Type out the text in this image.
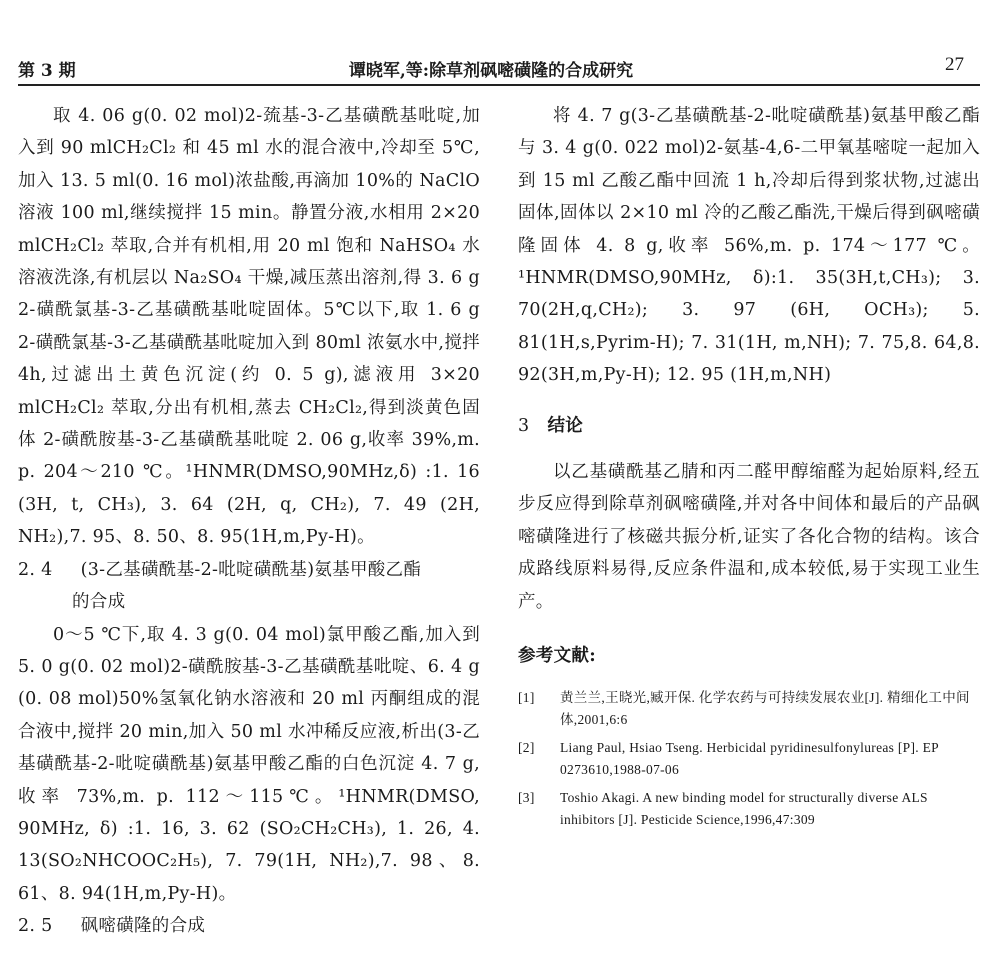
第 3 期	谭晓军,等:除草剂砜嘧磺隆的合成研究	27

取 4. 06 g(0. 02 mol)2-巯基-3-乙基磺酰基吡啶,加入到 90 mlCH₂Cl₂ 和 45 ml 水的混合液中,冷却至 5℃,加入 13. 5 ml(0. 16 mol)浓盐酸,再滴加 10%的 NaClO 溶液 100 ml,继续搅拌 15 min。静置分液,水相用 2×20 mlCH₂Cl₂ 萃取,合并有机相,用 20 ml 饱和 NaHSO₄ 水溶液洗涤,有机层以 Na₂SO₄ 干燥,减压蒸出溶剂,得 3. 6 g 2-磺酰氯基-3-乙基磺酰基吡啶固体。5℃以下,取 1. 6 g 2-磺酰氯基-3-乙基磺酰基吡啶加入到 80ml 浓氨水中,搅拌 4h,过滤出土黄色沉淀(约 0. 5 g),滤液用 3×20 mlCH₂Cl₂ 萃取,分出有机相,蒸去 CH₂Cl₂,得到淡黄色固体 2-磺酰胺基-3-乙基磺酰基吡啶 2. 06 g,收率 39%,m. p. 204～210 ℃。¹HNMR(DMSO,90MHz,δ) :1. 16 (3H, t, CH₃), 3. 64 (2H, q, CH₂), 7. 49 (2H, NH₂),7. 95、8. 50、8. 95(1H,m,Py-H)。

2. 4 (3-乙基磺酰基-2-吡啶磺酰基)氨基甲酸乙酯
的合成

0～5 ℃下,取 4. 3 g(0. 04 mol)氯甲酸乙酯,加入到 5. 0 g(0. 02 mol)2-磺酰胺基-3-乙基磺酰基吡啶、6. 4 g (0. 08 mol)50%氢氧化钠水溶液和 20 ml 丙酮组成的混合液中,搅拌 20 min,加入 50 ml 水冲稀反应液,析出(3-乙基磺酰基-2-吡啶磺酰基)氨基甲酸乙酯的白色沉淀 4. 7 g,收率 73%,m. p. 112～115℃。¹HNMR(DMSO, 90MHz, δ) :1. 16, 3. 62 (SO₂CH₂CH₃), 1. 26, 4. 13(SO₂NHCOOC₂H₅), 7. 79(1H, NH₂),7. 98、8. 61、8. 94(1H,m,Py-H)。

2. 5 砜嘧磺隆的合成

将 4. 7 g(3-乙基磺酰基-2-吡啶磺酰基)氨基甲酸乙酯与 3. 4 g(0. 022 mol)2-氨基-4,6-二甲氧基嘧啶一起加入到 15 ml 乙酸乙酯中回流 1 h,冷却后得到浆状物,过滤出固体,固体以 2×10 ml 冷的乙酸乙酯洗,干燥后得到砜嘧磺隆固体 4. 8 g,收率 56%,m. p. 174～177 ℃。¹HNMR(DMSO,90MHz, δ):1. 35(3H,t,CH₃); 3. 70(2H,q,CH₂); 3. 97 (6H, OCH₃); 5. 81(1H,s,Pyrim-H); 7. 31(1H, m,NH); 7. 75,8. 64,8. 92(3H,m,Py-H); 12. 95 (1H,m,NH)

3 结论

以乙基磺酰基乙腈和丙二醛甲醇缩醛为起始原料,经五步反应得到除草剂砜嘧磺隆,并对各中间体和最后的产品砜嘧磺隆进行了核磁共振分析,证实了各化合物的结构。该合成路线原料易得,反应条件温和,成本较低,易于实现工业生产。

参考文献:
[1]	黄兰兰,王晓光,臧开保. 化学农药与可持续发展农业[J]. 精细化工中间体,2001,6:6
[2]	Liang Paul, Hsiao Tseng. Herbicidal pyridinesulfonylureas [P]. EP 0273610,1988-07-06
[3]	Toshio Akagi. A new binding model for structurally diverse ALS inhibitors [J]. Pesticide Science,1996,47:309
